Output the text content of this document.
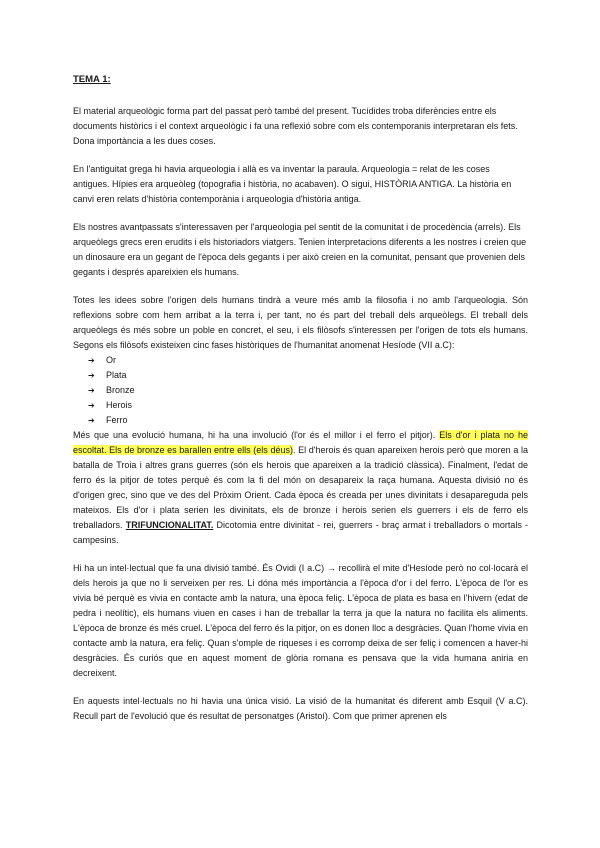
TEMA 1:

El material arqueològic forma part del passat però també del present. Tucídides troba diferències entre els documents històrics i el context arqueològic i fa una reflexió sobre com els contemporanis interpretaran els fets. Dona importància a les dues coses.

En l'antiguitat grega hi havia arqueologia i allà es va inventar la paraula. Arqueologia = relat de les coses antigues. Hípies era arqueòleg (topografia i història, no acabaven). O sigui, HISTÒRIA ANTIGA. La història en canvi eren relats d'història contemporània i arqueologia d'història antiga.

Els nostres avantpassats s'interessaven per l'arqueologia pel sentit de la comunitat i de procedència (arrels). Els arqueòlegs grecs eren erudits i els historiadors viatgers. Tenien interpretacions diferents a les nostres i creien que un dinosaure era un gegant de l'època dels gegants i per això creien en la comunitat, pensant que provenien dels gegants i després apareixien els humans.

Totes les idees sobre l'origen dels humans tindrà a veure més amb la filosofia i no amb l'arqueologia. Són reflexions sobre com hem arribat a la terra i, per tant, no és part del treball dels arqueòlegs. El treball dels arqueòlegs és més sobre un poble en concret, el seu, i els filòsofs s'interessen per l'origen de tots els humans. Segons els filòsofs existeixen cinc fases històriques de l'humanitat anomenat Hesíode (VII a.C):

➔ Or
➔ Plata
➔ Bronze
➔ Herois
➔ Ferro

Més que una evolució humana, hi ha una involució (l'or és el millor i el ferro el pitjor). Els d'or i plata no he escoltat. Els de bronze es barallen entre ells (els déus). El d'herois és quan apareixen herois però que moren a la batalla de Troia i altres grans guerres (són els herois que apareixen a la tradició clàssica). Finalment, l'edat de ferro és la pitjor de totes perquè és com la fi del món on desapareix la raça humana. Aquesta divisió no és d'origen grec, sino que ve des del Pròxim Orient. Cada època és creada per unes divinitats i desapareguda pels mateixos. Els d'or i plata serien les divinitats, els de bronze i herois serien els guerrers i els de ferro els treballadors. TRIFUNCIONALITAT. Dicotomia entre divinitat - rei, guerrers - braç armat i treballadors o mortals - campesins.

Hi ha un intel·lectual que fa una divisió també. És Ovidi (I a.C) → recollirà el mite d'Hesíode però no col·locarà el dels herois ja que no li serveixen per res. Li dóna més importància a l'època d'or i del ferro. L'època de l'or es vivia bé perquè es vivia en contacte amb la natura, una època feliç. L'època de plata es basa en l'hivern (edat de pedra i neolític), els humans viuen en cases i han de treballar la terra ja que la natura no facilita els aliments. L'època de bronze és més cruel. L'època del ferro és la pitjor, on es donen lloc a desgràcies. Quan l'home vivia en contacte amb la natura, era feliç. Quan s'omple de riqueses i es corromp deixa de ser feliç i comencen a haver-hi desgràcies. És curiós que en aquest moment de glòria romana es pensava que la vida humana aniria en decreixent.

En aquests intel·lectuals no hi havia una única visió. La visió de la humanitat és diferent amb Esquil (V a.C). Recull part de l'evolució que és resultat de personatges (Aristoí). Com que primer aprenen els
